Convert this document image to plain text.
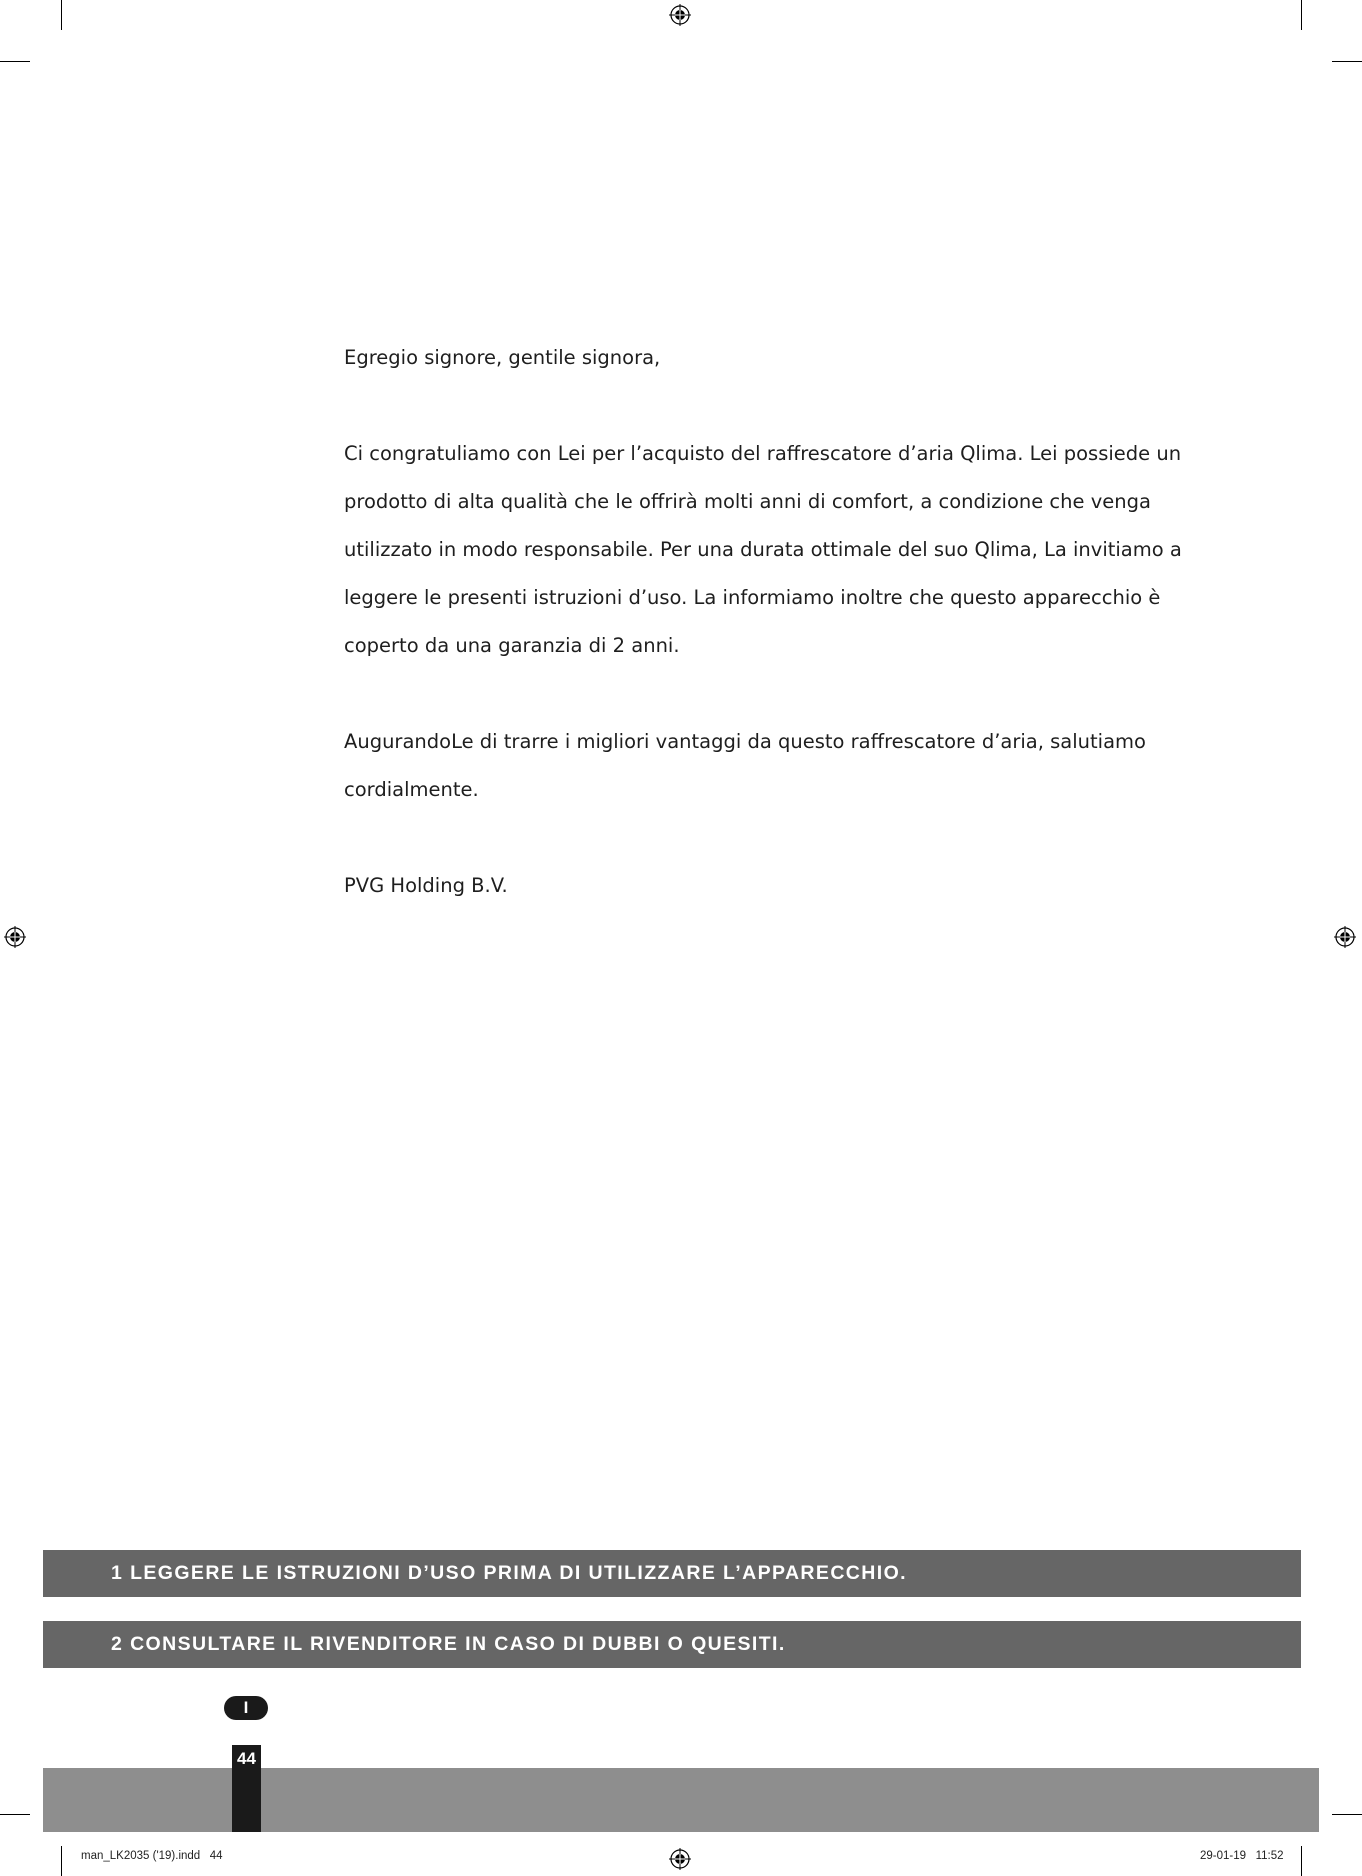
Egregio signore, gentile signora,

Ci congratuliamo con Lei per l’acquisto del raffrescatore d’aria Qlima. Lei possiede un prodotto di alta qualità che le offrirà molti anni di comfort, a condizione che venga utilizzato in modo responsabile. Per una durata ottimale del suo Qlima, La invitiamo a leggere le presenti istruzioni d’uso. La informiamo inoltre che questo apparecchio è coperto da una garanzia di 2 anni.

AugurandoLe di trarre i migliori vantaggi da questo raffrescatore d’aria, salutiamo cordialmente.

PVG Holding B.V.

1 LEGGERE LE ISTRUZIONI D’USO PRIMA DI UTILIZZARE L’APPARECCHIO.
2 CONSULTARE IL RIVENDITORE IN CASO DI DUBBI O QUESITI.
I
44
man_LK2035 ('19).indd   44	29-01-19   11:52
